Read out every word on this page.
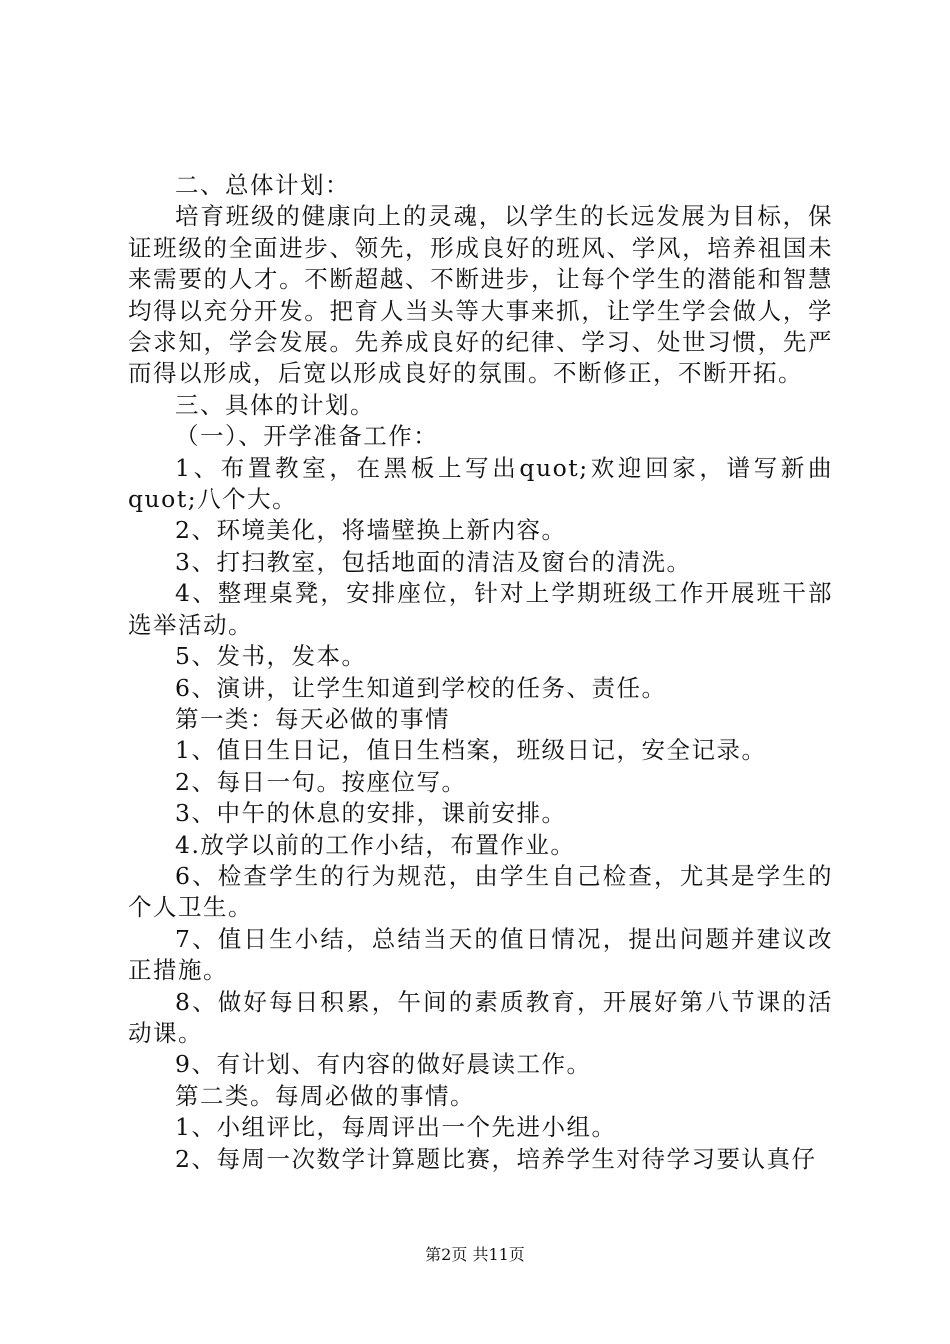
二、总体计划：

培育班级的健康向上的灵魂，以学生的长远发展为目标，保证班级的全面进步、领先，形成良好的班风、学风，培养祖国未来需要的人才。不断超越、不断进步，让每个学生的潜能和智慧均得以充分开发。把育人当头等大事来抓，让学生学会做人，学会求知，学会发展。先养成良好的纪律、学习、处世习惯，先严而得以形成，后宽以形成良好的氛围。不断修正，不断开拓。

三、具体的计划。

（一）、开学准备工作：

1、布置教室，在黑板上写出quot;欢迎回家，谱写新曲quot;八个大。

2、环境美化，将墙壁换上新内容。

3、打扫教室，包括地面的清洁及窗台的清洗。

4、整理桌凳，安排座位，针对上学期班级工作开展班干部选举活动。

5、发书，发本。

6、演讲，让学生知道到学校的任务、责任。

第一类：每天必做的事情

1、值日生日记，值日生档案，班级日记，安全记录。

2、每日一句。按座位写。

3、中午的休息的安排，课前安排。

4.放学以前的工作小结，布置作业。

6、检查学生的行为规范，由学生自己检查，尤其是学生的个人卫生。

7、值日生小结，总结当天的值日情况，提出问题并建议改正措施。

8、做好每日积累，午间的素质教育，开展好第八节课的活动课。

9、有计划、有内容的做好晨读工作。

第二类。每周必做的事情。

1、小组评比，每周评出一个先进小组。

2、每周一次数学计算题比赛，培养学生对待学习要认真仔

第2页 共11页
